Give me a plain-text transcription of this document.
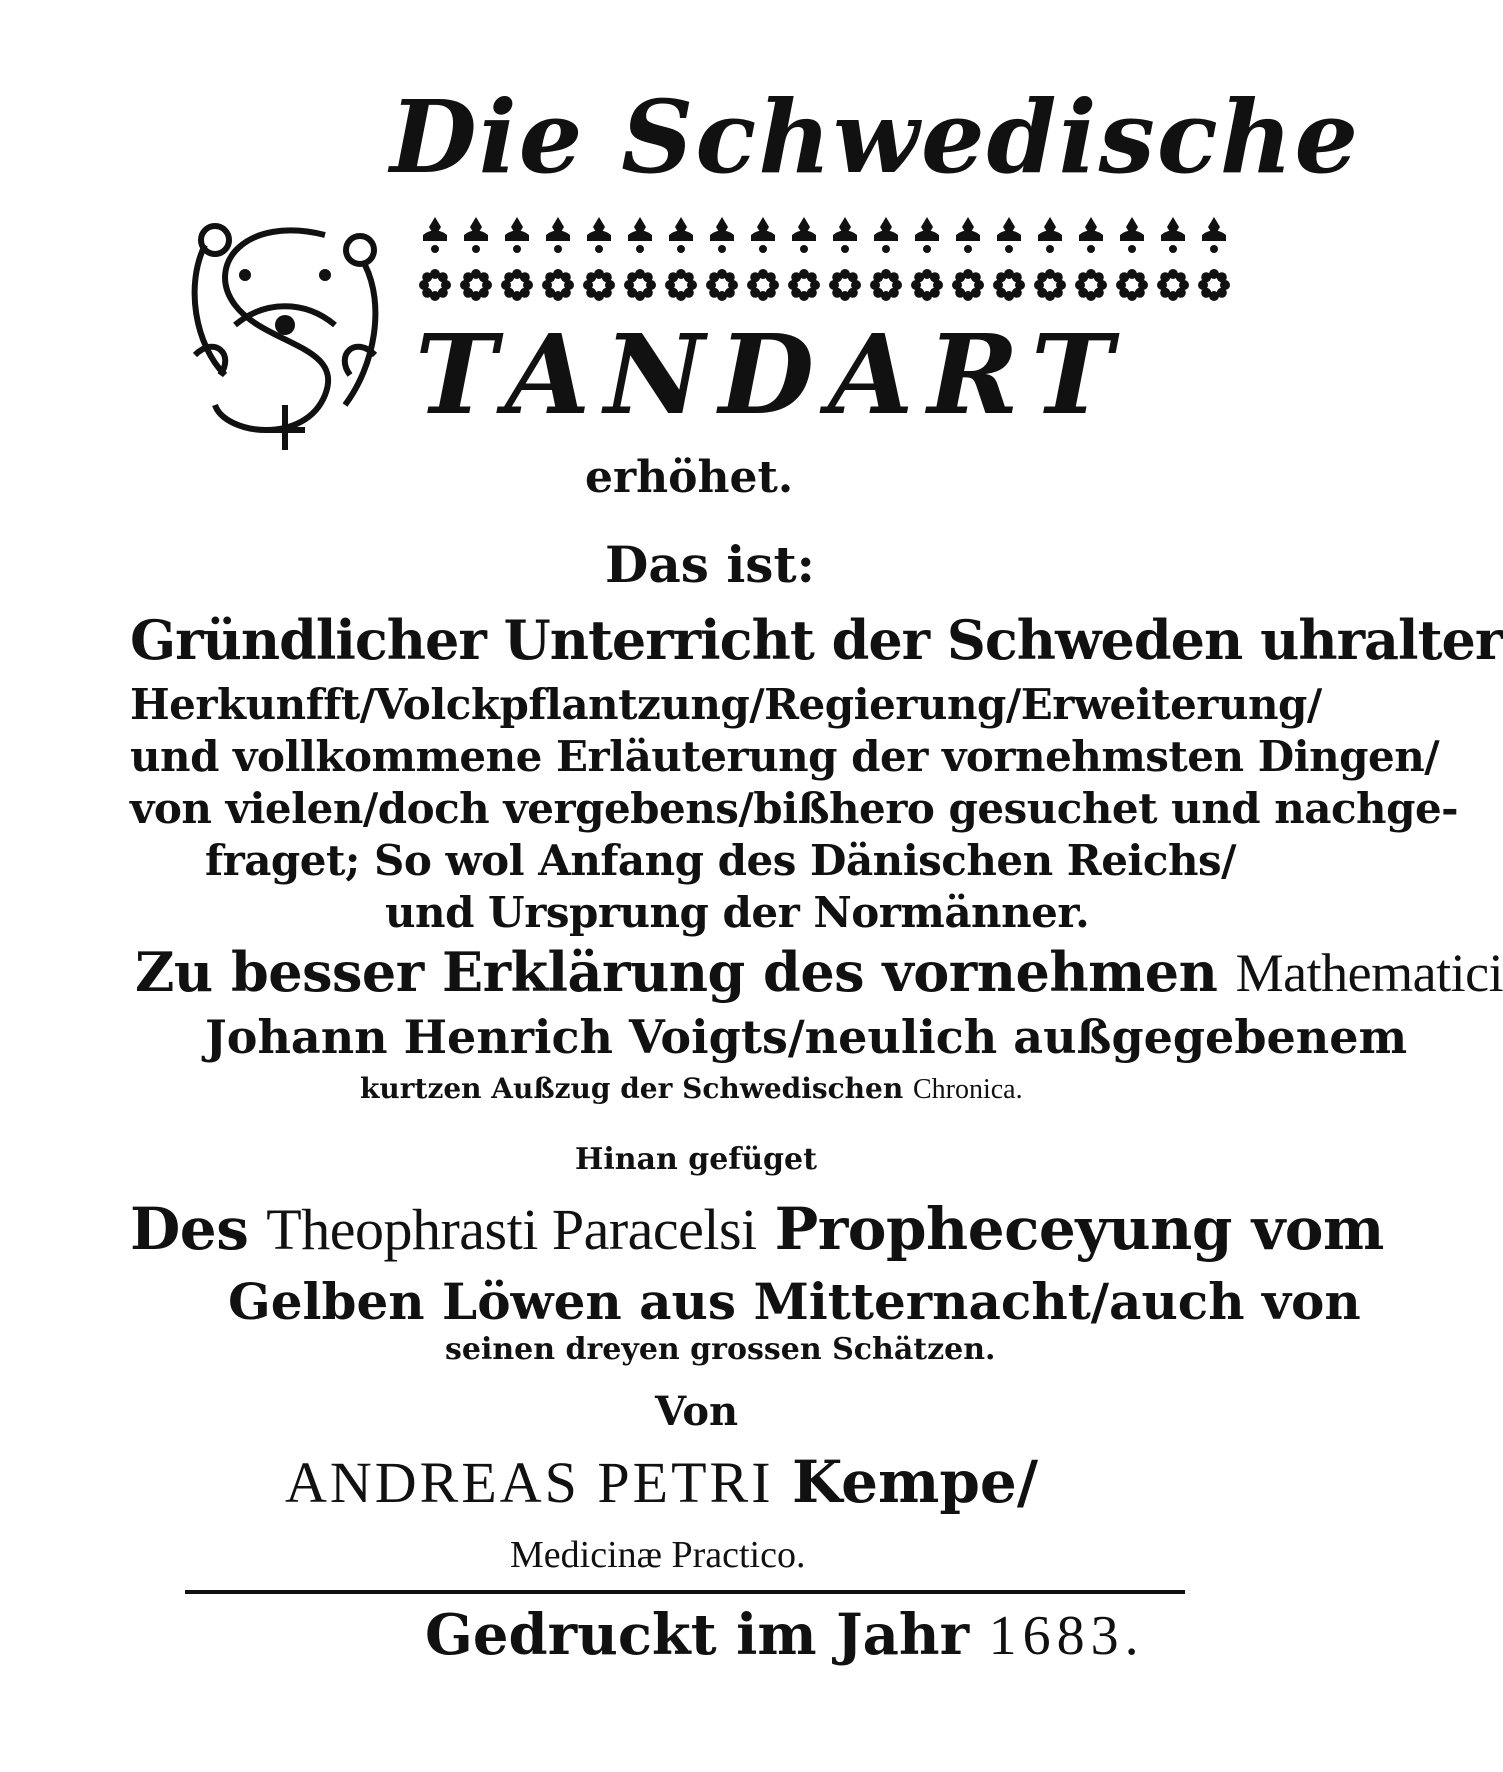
Die Schwedische
TANDART
erhöhet.
Das ist:
Gründlicher Unterricht der Schweden uhralter
Herkunfft/Volckpflantzung/Regierung/Erweiterung/
und vollkommene Erläuterung der vornehmsten Dingen/
von vielen/doch vergebens/bißhero gesuchet und nachge-
fraget; So wol Anfang des Dänischen Reichs/
und Ursprung der Normänner.
Zu besser Erklärung des vornehmen Mathematici
Johann Henrich Voigts/neulich außgegebenem
kurtzen Außzug der Schwedischen Chronica.
Hinan gefüget
Des Theophrasti Paracelsi Propheceyung vom
Gelben Löwen aus Mitternacht/auch von
seinen dreyen grossen Schätzen.
Von
ANDREAS PETRI Kempe/
Medicinæ Practico.
Gedruckt im Jahr 1683.
